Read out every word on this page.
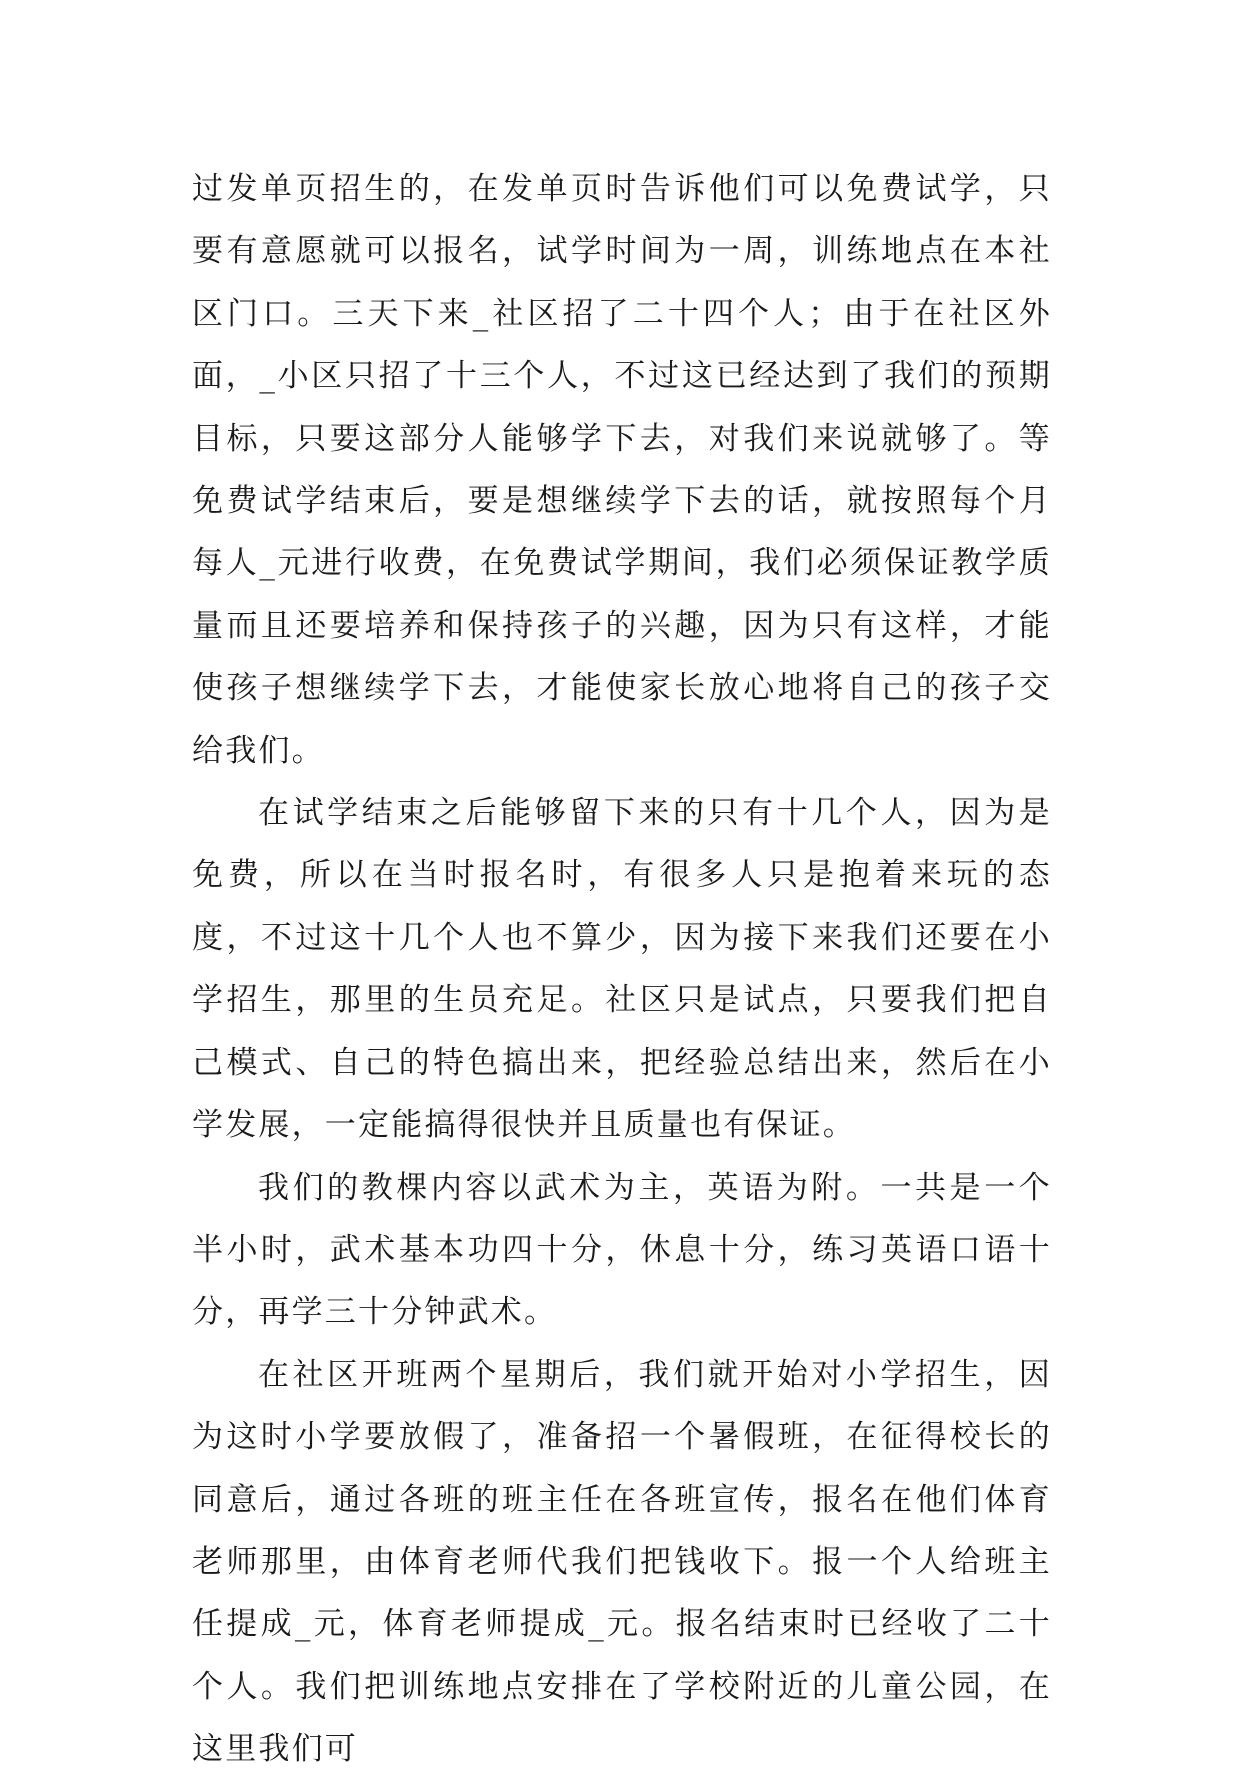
过发单页招生的，在发单页时告诉他们可以免费试学，只要有意愿就可以报名，试学时间为一周，训练地点在本社区门口。三天下来_社区招了二十四个人；由于在社区外面，_小区只招了十三个人，不过这已经达到了我们的预期目标，只要这部分人能够学下去，对我们来说就够了。等免费试学结束后，要是想继续学下去的话，就按照每个月每人_元进行收费，在免费试学期间，我们必须保证教学质量而且还要培养和保持孩子的兴趣，因为只有这样，才能使孩子想继续学下去，才能使家长放心地将自己的孩子交给我们。

在试学结束之后能够留下来的只有十几个人，因为是免费，所以在当时报名时，有很多人只是抱着来玩的态度，不过这十几个人也不算少，因为接下来我们还要在小学招生，那里的生员充足。社区只是试点，只要我们把自己模式、自己的特色搞出来，把经验总结出来，然后在小学发展，一定能搞得很快并且质量也有保证。

我们的教棵内容以武术为主，英语为附。一共是一个半小时，武术基本功四十分，休息十分，练习英语口语十分，再学三十分钟武术。

在社区开班两个星期后，我们就开始对小学招生，因为这时小学要放假了，准备招一个暑假班，在征得校长的同意后，通过各班的班主任在各班宣传，报名在他们体育老师那里，由体育老师代我们把钱收下。报一个人给班主任提成_元，体育老师提成_元。报名结束时已经收了二十个人。我们把训练地点安排在了学校附近的儿童公园，在这里我们可
